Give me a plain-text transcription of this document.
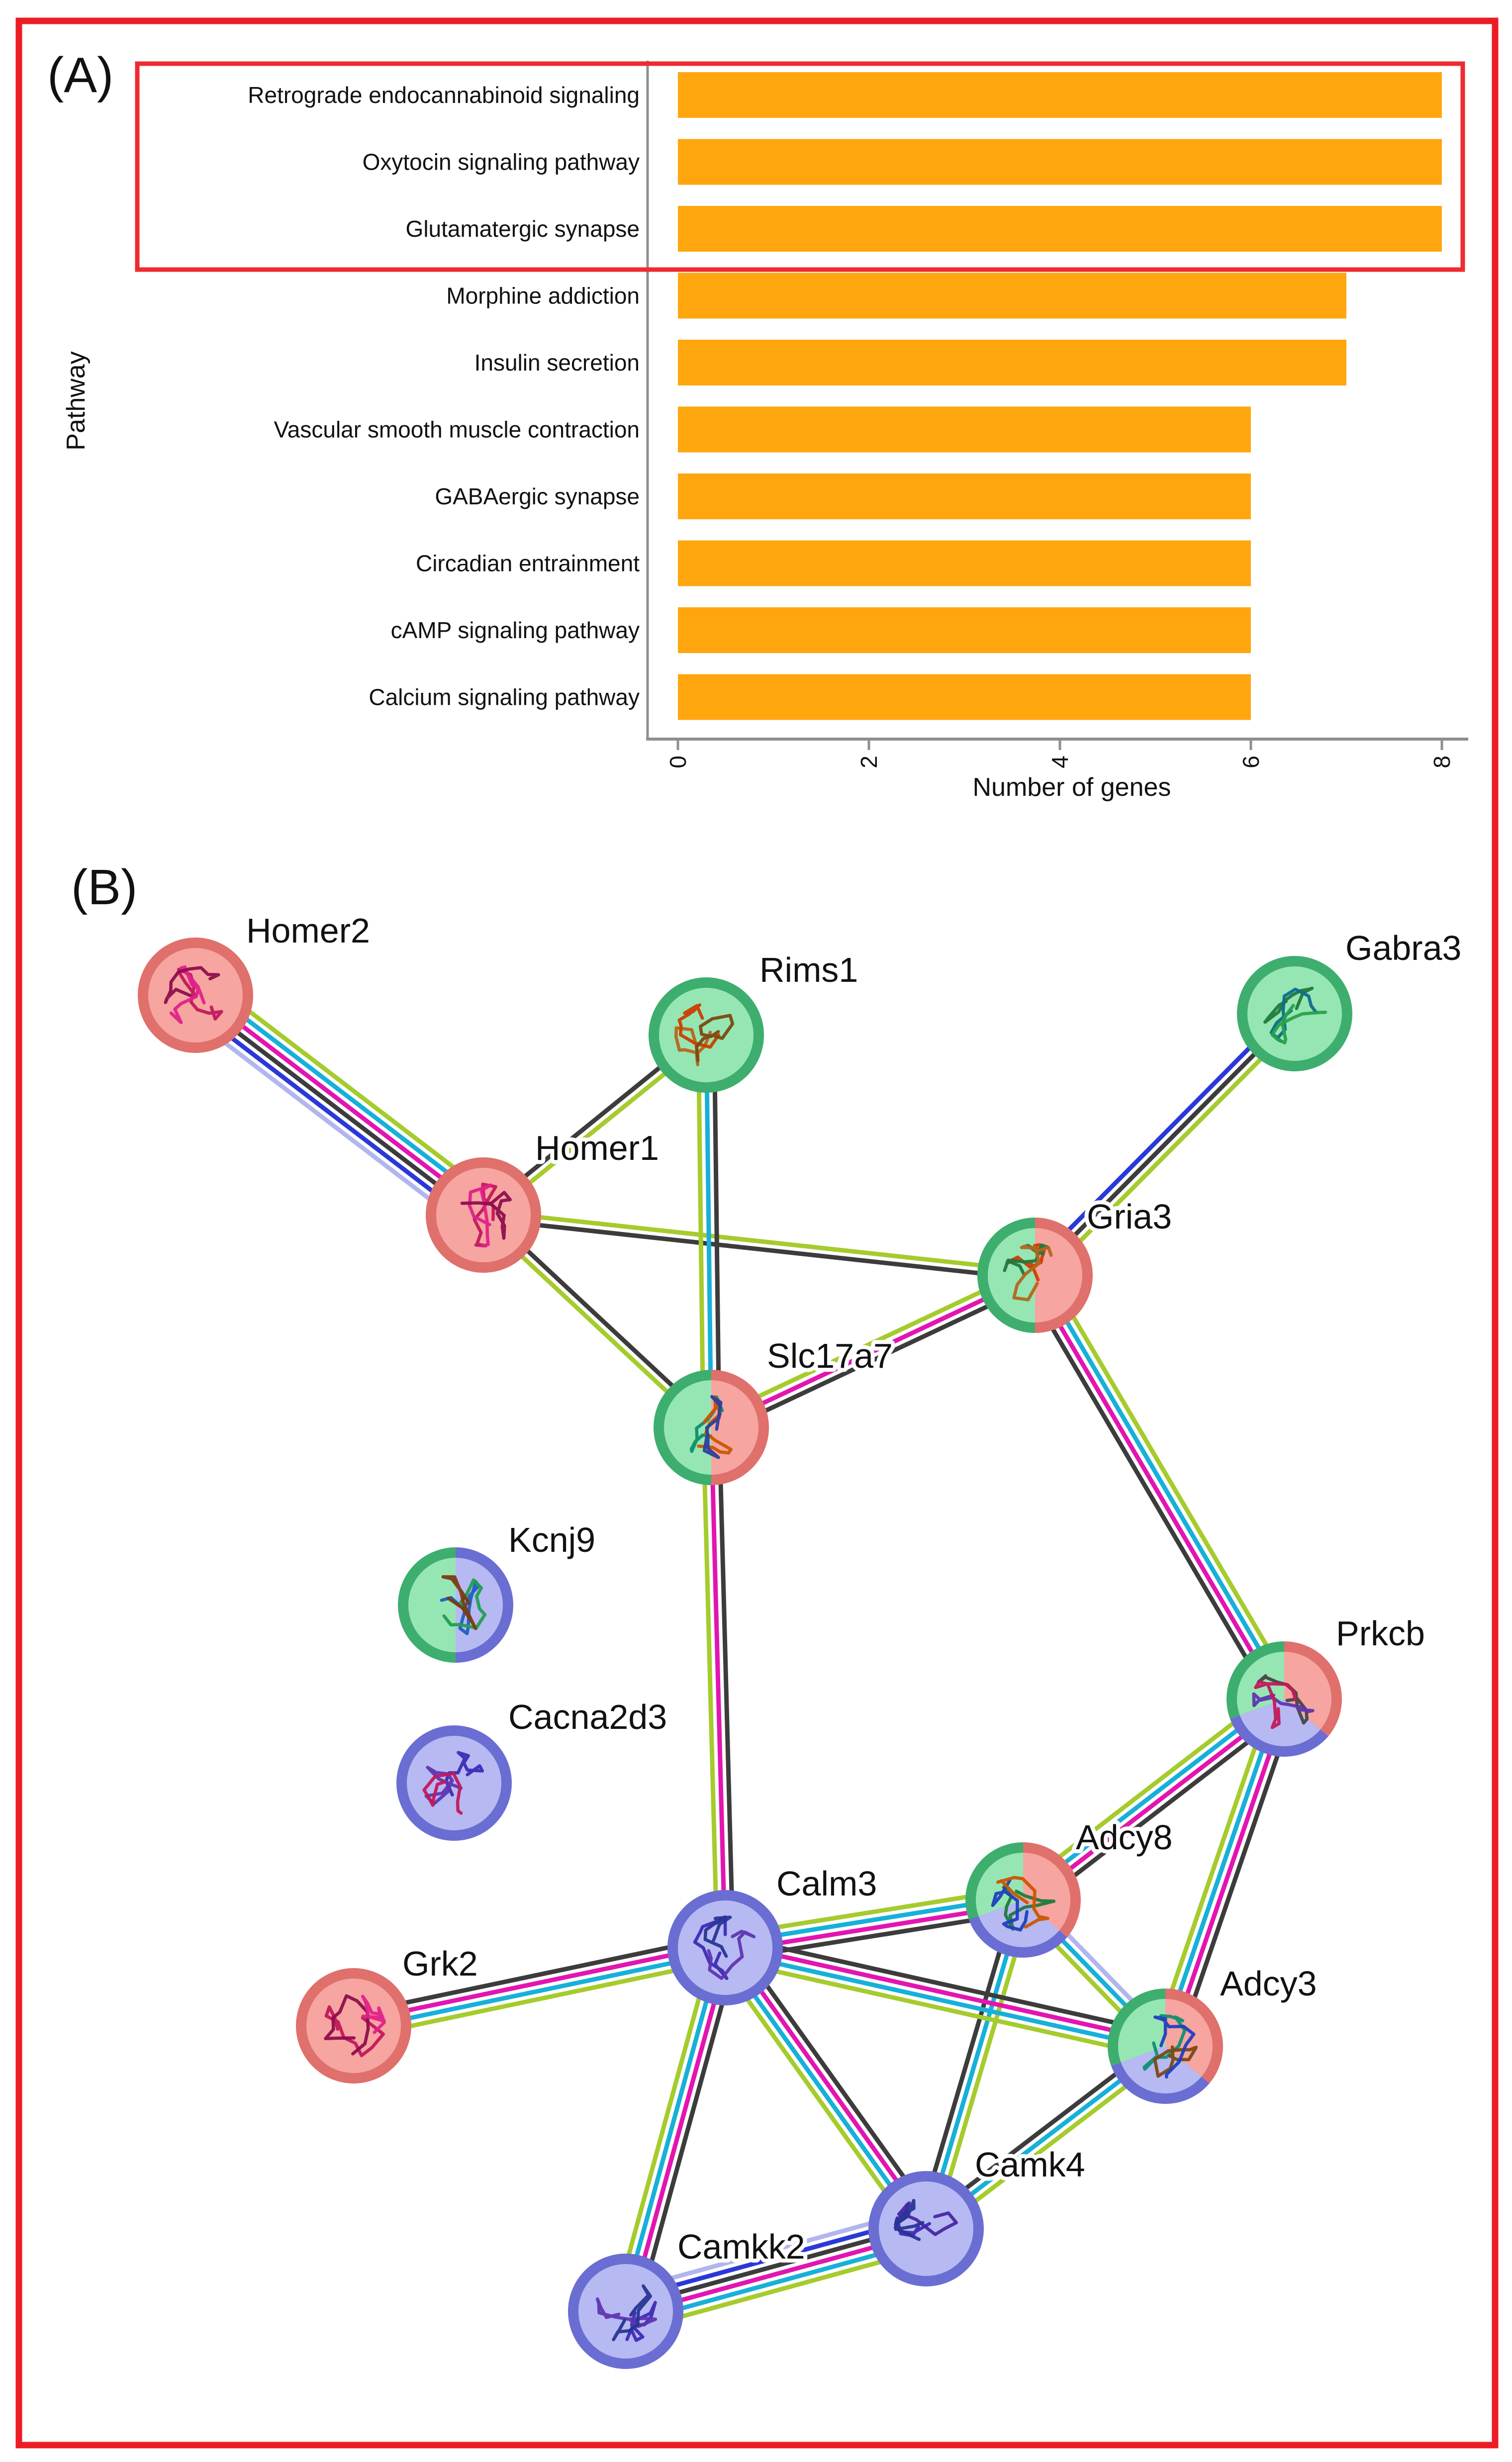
(A)	Retrograde endocannabinoid signaling
Oxytocin signaling pathway
Glutamatergic synapse
Morphine addiction
Insulin secretion
Vascular smooth muscle contraction
GABAergic synapse
Circadian entrainment
cAMP signaling pathway
Calcium signaling pathway
0	2	4	6	8
Number of genes
Pathway
(B)
Homer2
Rims1
Gabra3
Homer1
Gria3
Slc17a7
Kcnj9
Cacna2d3
Prkcb
Adcy8
Adcy3
Calm3
Grk2
Camk4
Camkk2
